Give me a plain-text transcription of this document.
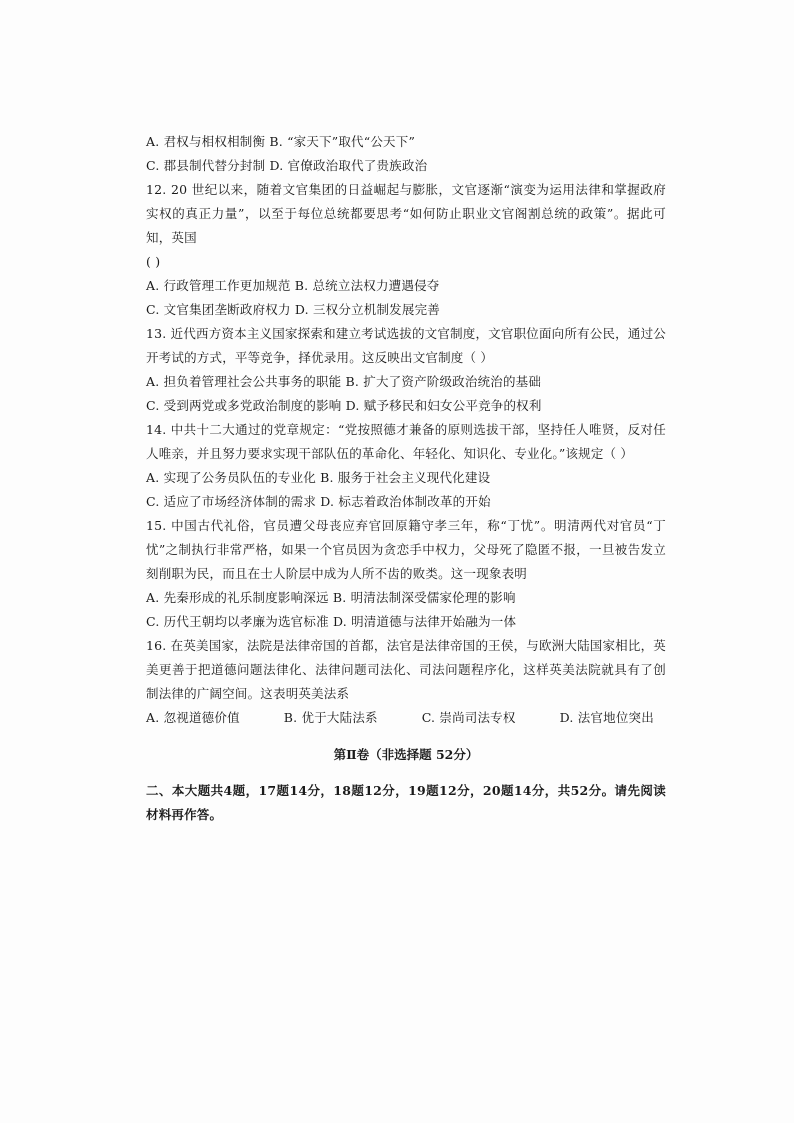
A. 君权与相权相制衡 B. “家天下”取代“公天下”

C. 郡县制代替分封制 D. 官僚政治取代了贵族政治

12. 20 世纪以来，随着文官集团的日益崛起与膨胀，文官逐渐“演变为运用法律和掌握政府实权的真正力量”，以至于每位总统都要思考“如何防止职业文官阁割总统的政策”。据此可知，英国

( )

A. 行政管理工作更加规范 B. 总统立法权力遭遇侵夺

C. 文官集团垄断政府权力 D. 三权分立机制发展完善

13. 近代西方资本主义国家探索和建立考试选拔的文官制度，文官职位面向所有公民，通过公开考试的方式，平等竞争，择优录用。这反映出文官制度（ ）

A. 担负着管理社会公共事务的职能 B. 扩大了资产阶级政治统治的基础

C. 受到两党或多党政治制度的影响 D. 赋予移民和妇女公平竞争的权利

14. 中共十二大通过的党章规定：“党按照德才兼备的原则选拔干部，坚持任人唯贤，反对任人唯亲，并且努力要求实现干部队伍的革命化、年轻化、知识化、专业化。”该规定（ ）

A. 实现了公务员队伍的专业化 B. 服务于社会主义现代化建设

C. 适应了市场经济体制的需求 D. 标志着政治体制改革的开始

15. 中国古代礼俗，官员遭父母丧应弃官回原籍守孝三年，称“丁忧”。明清两代对官员“丁忧”之制执行非常严格，如果一个官员因为贪恋手中权力，父母死了隐匿不报，一旦被告发立刻削职为民，而且在士人阶层中成为人所不齿的败类。这一现象表明

A. 先秦形成的礼乐制度影响深远 B. 明清法制深受儒家伦理的影响

C. 历代王朝均以孝廉为选官标准 D. 明清道德与法律开始融为一体

16. 在英美国家，法院是法律帝国的首都，法官是法律帝国的王侯，与欧洲大陆国家相比，英美更善于把道德问题法律化、法律问题司法化、司法问题程序化，这样英美法院就具有了创制法律的广阔空间。这表明英美法系

A. 忽视道德价值	B. 优于大陆法系	C. 崇尚司法专权	D. 法官地位突出

第Ⅱ卷（非选择题 52分）

二、本大题共4题，17题14分，18题12分，19题12分，20题14分，共52分。请先阅读材料再作答。
